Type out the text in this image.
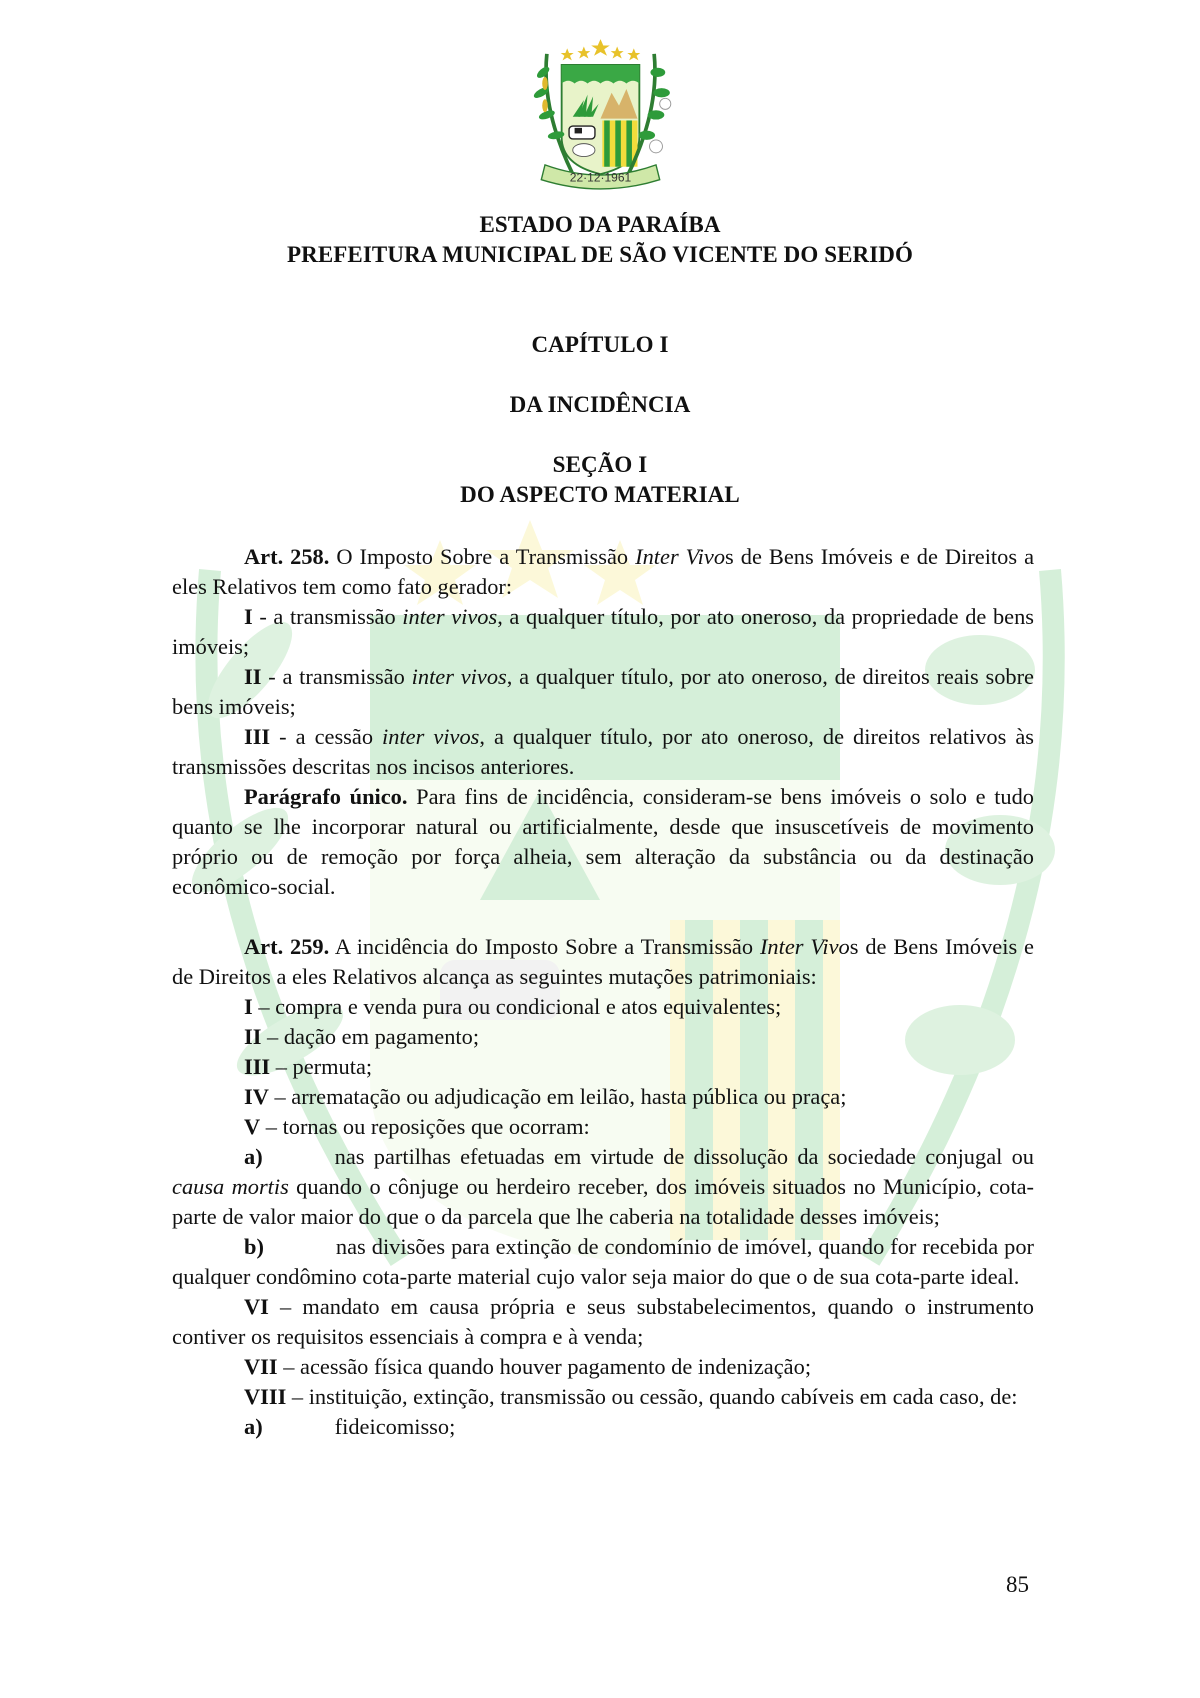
22·12·1961
ESTADO DA PARAÍBA
PREFEITURA MUNICIPAL DE SÃO VICENTE DO SERIDÓ
CAPÍTULO I
DA INCIDÊNCIA
SEÇÃO I
DO ASPECTO MATERIAL

Art. 258. O Imposto Sobre a Transmissão Inter Vivos de Bens Imóveis e de Direitos a eles Relativos tem como fato gerador:

I - a transmissão inter vivos, a qualquer título, por ato oneroso, da propriedade de bens imóveis;

II - a transmissão inter vivos, a qualquer título, por ato oneroso, de direitos reais sobre bens imóveis;

III - a cessão inter vivos, a qualquer título, por ato oneroso, de direitos relativos às transmissões descritas nos incisos anteriores.

Parágrafo único. Para fins de incidência, consideram-se bens imóveis o solo e tudo quanto se lhe incorporar natural ou artificialmente, desde que insuscetíveis de movimento próprio ou de remoção por força alheia, sem alteração da substância ou da destinação econômico-social.

Art. 259. A incidência do Imposto Sobre a Transmissão Inter Vivos de Bens Imóveis e de Direitos a eles Relativos alcança as seguintes mutações patrimoniais:

I – compra e venda pura ou condicional e atos equivalentes;

II – dação em pagamento;

III – permuta;

IV – arrematação ou adjudicação em leilão, hasta pública ou praça;

V – tornas ou reposições que ocorram:

a)	nas partilhas efetuadas em virtude de dissolução da sociedade conjugal ou causa mortis quando o cônjuge ou herdeiro receber, dos imóveis situados no Município, cota-parte de valor maior do que o da parcela que lhe caberia na totalidade desses imóveis;

b)	nas divisões para extinção de condomínio de imóvel, quando for recebida por qualquer condômino cota-parte material cujo valor seja maior do que o de sua cota-parte ideal.

VI – mandato em causa própria e seus substabelecimentos, quando o instrumento contiver os requisitos essenciais à compra e à venda;

VII – acessão física quando houver pagamento de indenização;

VIII – instituição, extinção, transmissão ou cessão, quando cabíveis em cada caso, de:

a)	fideicomisso;

85
